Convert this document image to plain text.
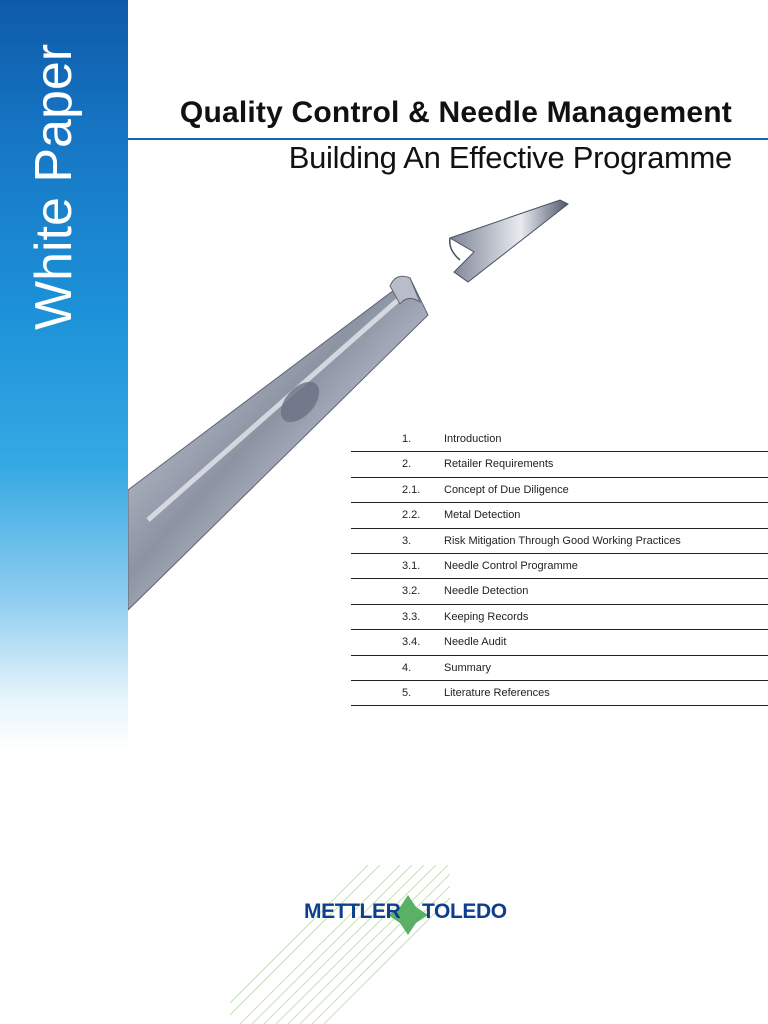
White Paper	Quality Control & Needle Management
Building An Effective Programme
1.	Introduction
2.	Retailer Requirements
2.1. Concept of Due Diligence
2.2. Metal Detection
3.	Risk Mitigation Through Good Working Practices
3.1. Needle Control Programme
3.2. Needle Detection
3.3. Keeping Records
3.4. Needle Audit
4.	Summary
5.	Literature References
METTLER TOLEDO
